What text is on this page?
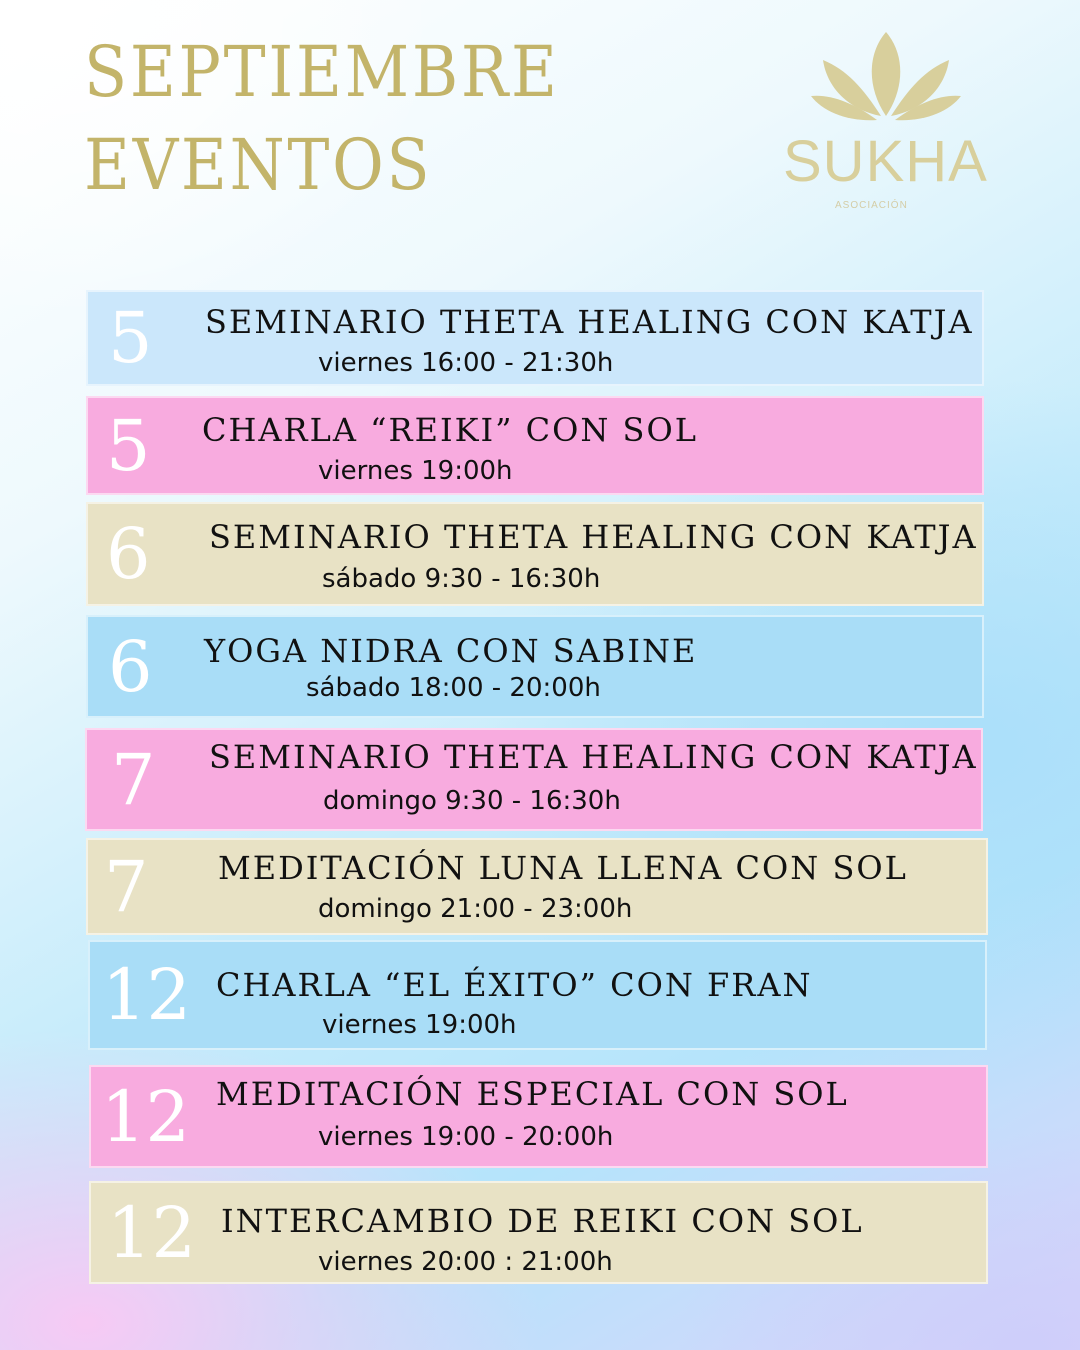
SEPTIEMBRE
EVENTOS	SUKHA
ASOCIACIÓN
5 SEMINARIO THETA HEALING CON KATJA
viernes 16:00 - 21:30h
5 CHARLA “REIKI” CON SOL
viernes 19:00h
6 SEMINARIO THETA HEALING CON KATJA
sábado 9:30 - 16:30h
6 YOGA NIDRA CON SABINE
sábado 18:00 - 20:00h
7 SEMINARIO THETA HEALING CON KATJA
domingo 9:30 - 16:30h
7 MEDITACIÓN LUNA LLENA CON SOL
domingo 21:00 - 23:00h
12 CHARLA “EL ÉXITO” CON FRAN
viernes 19:00h
12 MEDITACIÓN ESPECIAL CON SOL
viernes 19:00 - 20:00h
12 INTERCAMBIO DE REIKI CON SOL
viernes 20:00 : 21:00h
